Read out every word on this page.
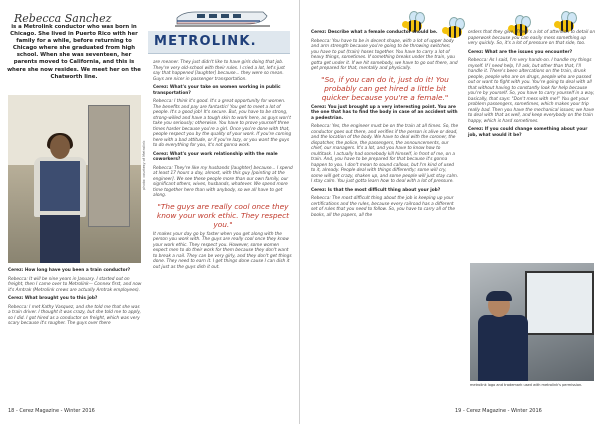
Rebecca Sanchez
is a Metrolink conductor who was born in Chicago. She lived in Puerto Rico with her family for a while, before returning to Chicago where she graduated from high school. When she was seventeen, her parents moved to California, and this is where she now resides. We meet her on the Chatworth line.
photo: courtesy of Metrolink

Cerez: How long have you been a train conductor?

Rebecca: It will be nine years in January. I started out on freight, then I came over to Metrolink— Connex first, and now it's Amtrak (Metrolink crews are actually Amtrak employees).

Cerez: What brought you to this job?

Rebecca: I met Kathy Vasquez, and she told me that she was a train driver. I thought it was crazy, but she told me to apply, so I did. I got hired as a conductor on freight, which was very scary because it's rougher. The guys over there

are meaner. They just didn't like to have girls doing that job. They're very old-school with their rules. I cried a lot, let's just say that happened [laughter] because... they were so mean. Guys are nicer in passenger transportation.

Cerez: What's your take on women working in public transportation?

Rebecca: I think it's good. It's a great opportunity for women. The benefits and pay are fantastic! You get to meet a lot of people. It's a good job! It's secure. But, you have to be strong, strong-willed and have a tough skin to work here, as guys won't take you seriously; otherwise. You have to prove yourself three times harder because you're a girl. Once you're done with that, people respect you by the quality of your work. If you're coming here with a bad attitude, or if you're lazy, or you want the guys to do everything for you, it's not gonna work.

Cerez: What's your work relationship with the male coworkers?

Rebecca: They're like my husbands [laughter] because... I spend at least 17 hours a day, almost, with this guy [pointing at the engineer]. We see these people more than our own family, our significant others, wives, husbands, whatever. We spend more time together here than with anybody, so we all have to get along.

"The guys are really cool once they know your work ethic. They respect you."

It makes your day go by faster when you get along with the person you work with. The guys are really cool once they know your work ethic. They respect you. However, some women expect men to do their work for them because they don't want to break a nail. They can be very girly, and they don't get things done. They need to earn it. I get things done cause I can dish it out just as the guys dish it out.

18 - Cerez Magazine - Winter 2016	19 - Cerez Magazine - Winter 2016
METROLINK.

Cerez: Describe what a female conductor should be.

Rebecca: You have to be in decent shape, with a lot of upper body and arm strength because you're going to be throwing switches; you have to put (train) hoses together. You have to carry a lot of heavy things, sometimes. If something breaks under the train, you gotta get under it. If we hit somebody, we have to go out there, and get prepared for that, mentally and physically.

"So, if you can do it, just do it! You probably can get hired a little bit quicker because you're a female."

Cerez: You just brought up a very interesting point. You are the one that has to find the body in case of an accident with a pedestrian.

Rebecca: Yes, the engineer must be on the train at all times. So, the conductor goes out there, and verifies if the person is alive or dead, and the location of the body. We have to deal with the coroner, the dispatcher, the police, the passengers, the announcements, our chief, our managers. It's a lot, and you have to know how to multitask. I actually had somebody kill himself, in front of me, on a train. And, you have to be prepared for that because it's gonna happen to you. I don't mean to sound callous, but I'm kind of used to it, already. People deal with things differently; some will cry, some will get crazy, shaken up, and some people will just stay calm. I stay calm. You just gotta learn how to deal with a lot of pressure.

Cerez: Is that the most difficult thing about your job?

Rebecca: The most difficult thing about the job is keeping up your certifications and the rules, because every railroad has a different set of rules that you need to follow. So, you have to carry all of the books, all the papers, all the

orders that they give. There's a lot of attention to detail on paperwork because you can easily mess something up very quickly. So, it's a lot of pressure on that side, too.

Cerez: What are the issues you encounter?

Rebecca: As I said, I'm very hands-on. I handle my things myself. If I need help, I'll ask, but other than that, I'll handle it. There's been altercations on the train, drunk people, people who are on drugs, people who are passed out or want to fight with you. You're going to deal with all that without having to constantly look for help because you're by yourself. So, you have to carry yourself in a way, basically, that says: "Don't mess with me!" You get your problem passengers, sometimes, which makes your trip really bad. Then you have the mechanical issues; we have to deal with that as well, and keep everybody on the train happy, which is hard sometimes.

Cerez: If you could change something about your job, what would it be?

metrolink logo and trademark used with metrolink's permission.
